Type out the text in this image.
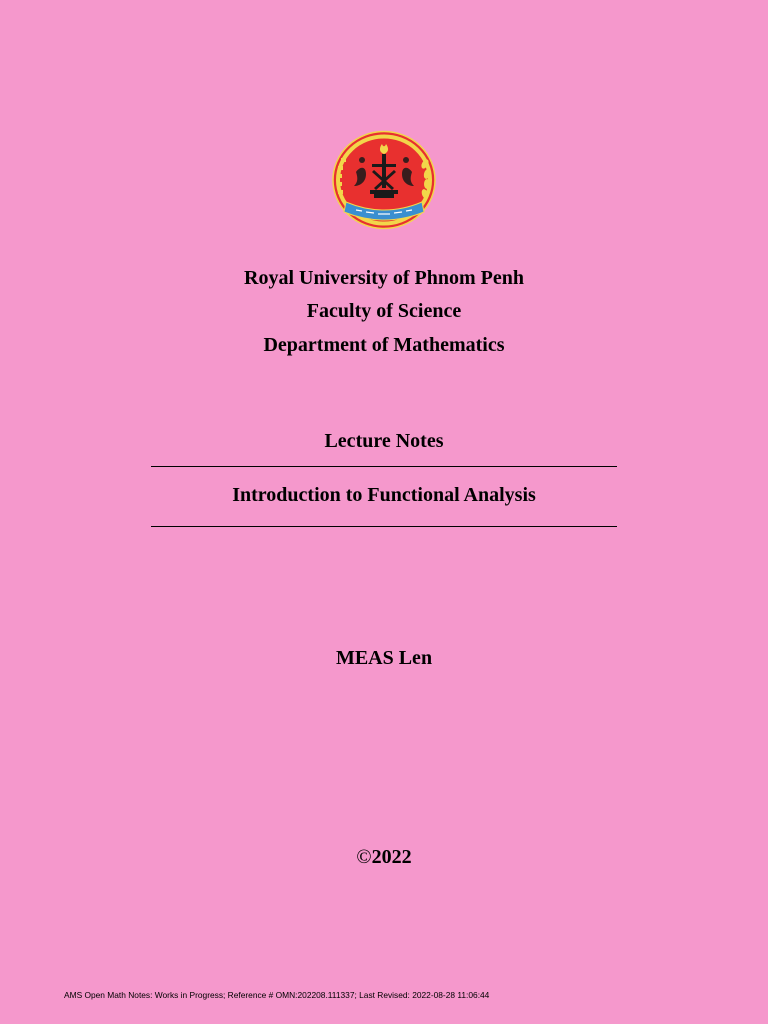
Royal University of Phnom Penh
Faculty of Science
Department of Mathematics
Lecture Notes
Introduction to Functional Analysis
MEAS Len
©2022
AMS Open Math Notes: Works in Progress; Reference # OMN:202208.111337; Last Revised: 2022-08-28 11:06:44
